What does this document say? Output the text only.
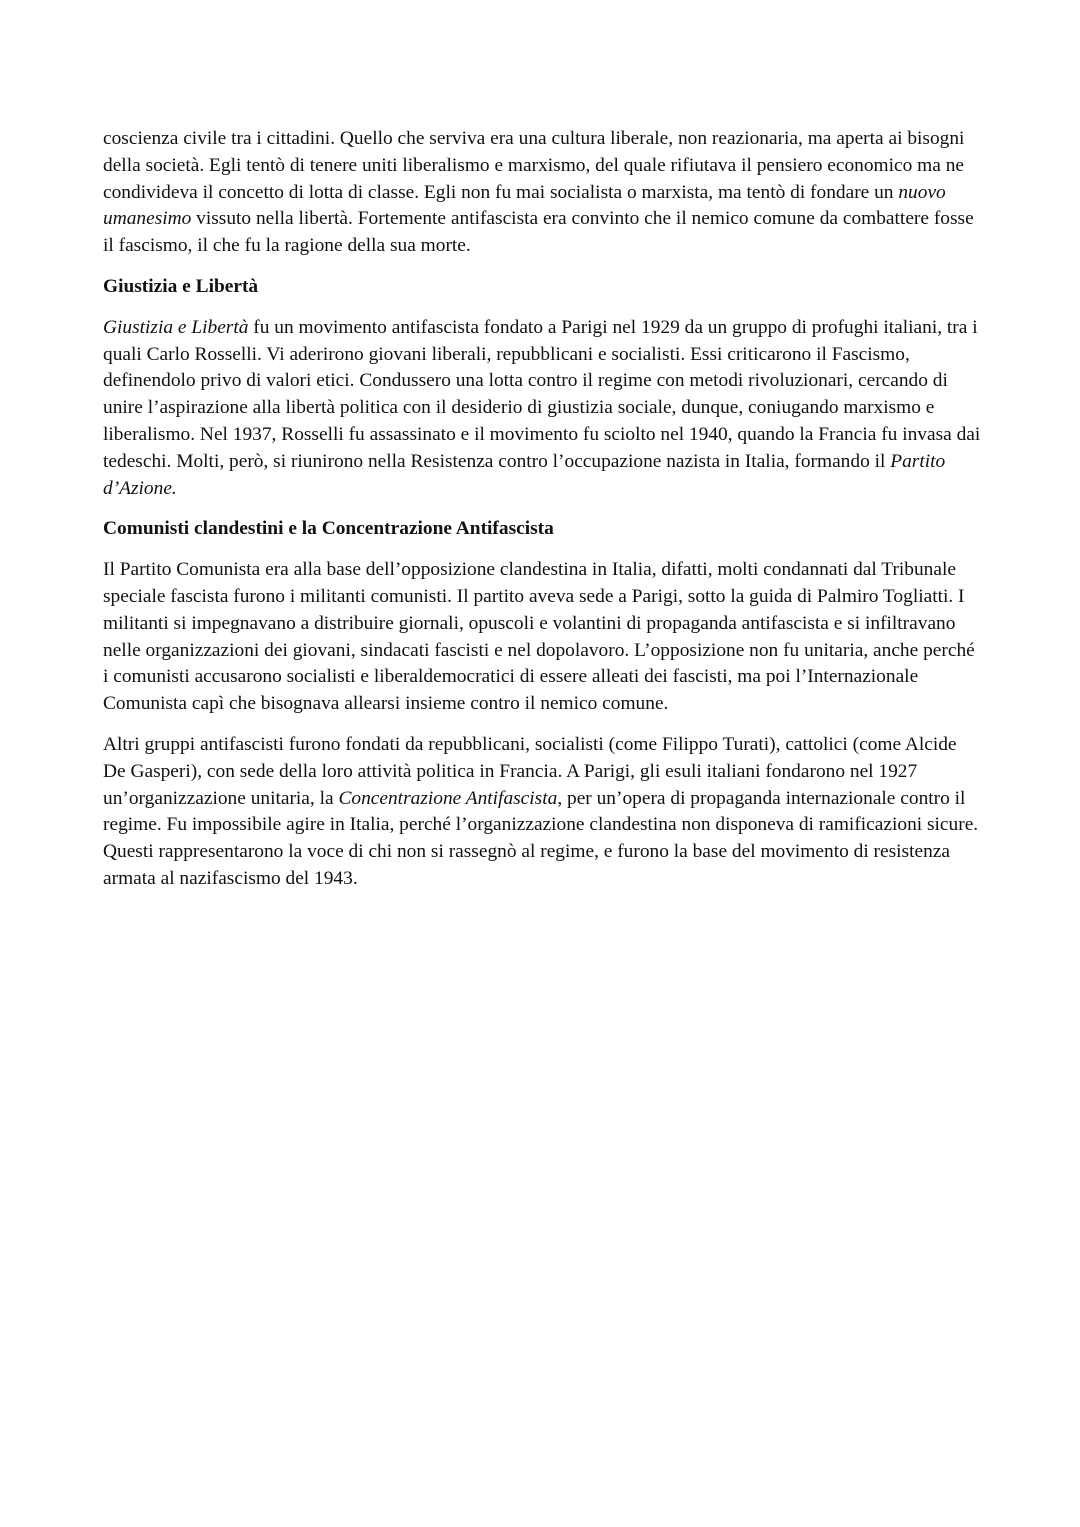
coscienza civile tra i cittadini. Quello che serviva era una cultura liberale, non reazionaria, ma aperta ai bisogni della società. Egli tentò di tenere uniti liberalismo e marxismo, del quale rifiutava il pensiero economico ma ne condivideva il concetto di lotta di classe. Egli non fu mai socialista o marxista, ma tentò di fondare un nuovo umanesimo vissuto nella libertà. Fortemente antifascista era convinto che il nemico comune da combattere fosse il fascismo, il che fu la ragione della sua morte.

Giustizia e Libertà

Giustizia e Libertà fu un movimento antifascista fondato a Parigi nel 1929 da un gruppo di profughi italiani, tra i quali Carlo Rosselli. Vi aderirono giovani liberali, repubblicani e socialisti. Essi criticarono il Fascismo, definendolo privo di valori etici. Condussero una lotta contro il regime con metodi rivoluzionari, cercando di unire l’aspirazione alla libertà politica con il desiderio di giustizia sociale, dunque, coniugando marxismo e liberalismo. Nel 1937, Rosselli fu assassinato e il movimento fu sciolto nel 1940, quando la Francia fu invasa dai tedeschi. Molti, però, si riunirono nella Resistenza contro l’occupazione nazista in Italia, formando il Partito d’Azione.

Comunisti clandestini e la Concentrazione Antifascista

Il Partito Comunista era alla base dell’opposizione clandestina in Italia, difatti, molti condannati dal Tribunale speciale fascista furono i militanti comunisti. Il partito aveva sede a Parigi, sotto la guida di Palmiro Togliatti. I militanti si impegnavano a distribuire giornali, opuscoli e volantini di propaganda antifascista e si infiltravano nelle organizzazioni dei giovani, sindacati fascisti e nel dopolavoro. L’opposizione non fu unitaria, anche perché i comunisti accusarono socialisti e liberaldemocratici di essere alleati dei fascisti, ma poi l’Internazionale Comunista capì che bisognava allearsi insieme contro il nemico comune.

Altri gruppi antifascisti furono fondati da repubblicani, socialisti (come Filippo Turati), cattolici (come Alcide De Gasperi), con sede della loro attività politica in Francia. A Parigi, gli esuli italiani fondarono nel 1927 un’organizzazione unitaria, la Concentrazione Antifascista, per un’opera di propaganda internazionale contro il regime. Fu impossibile agire in Italia, perché l’organizzazione clandestina non disponeva di ramificazioni sicure. Questi rappresentarono la voce di chi non si rassegnò al regime, e furono la base del movimento di resistenza armata al nazifascismo del 1943.
